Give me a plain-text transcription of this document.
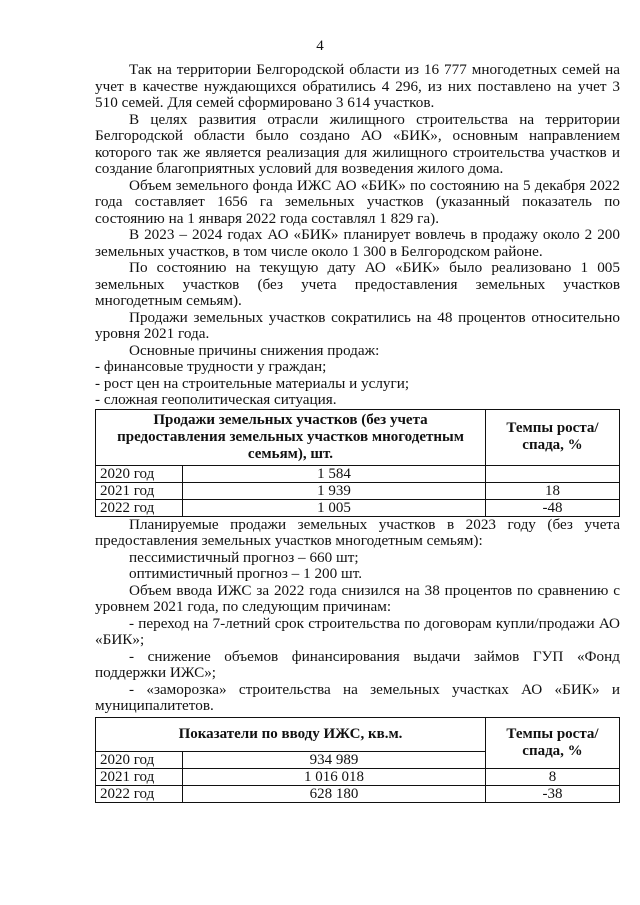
4

Так на территории Белгородской области из 16 777 многодетных семей на учет в качестве нуждающихся обратились 4 296, из них поставлено на учет 3 510 семей. Для семей сформировано 3 614 участков.

В целях развития отрасли жилищного строительства на территории Белгородской области было создано АО «БИК», основным направлением которого так же является реализация для жилищного строительства участков и создание благоприятных условий для возведения жилого дома.

Объем земельного фонда ИЖС АО «БИК» по состоянию на 5 декабря 2022 года составляет 1656 га земельных участков (указанный показатель по состоянию на 1 января 2022 года составлял 1 829 га).

В 2023 – 2024 годах АО «БИК» планирует вовлечь в продажу около 2 200 земельных участков, в том числе около 1 300 в Белгородском районе.

По состоянию на текущую дату АО «БИК» было реализовано 1 005 земельных участков (без учета предоставления земельных участков многодетным семьям).

Продажи земельных участков сократились на 48 процентов относительно уровня 2021 года.

Основные причины снижения продаж:

- финансовые трудности у граждан;

- рост цен на строительные материалы и услуги;

- сложная геополитическая ситуация.

Продажи земельных участков (без учета предоставления земельных участков многодетным семьям), шт.		Темпы роста/спада, %
2020 год	1 584	
2021 год	1 939	18
2022 год	1 005	-48

Планируемые продажи земельных участков в 2023 году (без учета предоставления земельных участков многодетным семьям):

пессимистичный прогноз – 660 шт;

оптимистичный прогноз – 1 200 шт.

Объем ввода ИЖС за 2022 года снизился на 38 процентов по сравнению с уровнем 2021 года, по следующим причинам:

- переход на 7-летний срок строительства по договорам купли/продажи АО «БИК»;

- снижение объемов финансирования выдачи займов ГУП «Фонд поддержки ИЖС»;

- «заморозка» строительства на земельных участках АО «БИК» и муниципалитетов.

Показатели по вводу ИЖС, кв.м.		Темпы роста/спада, %
2020 год	934 989	
2021 год	1 016 018	8
2022 год	628 180	-38
